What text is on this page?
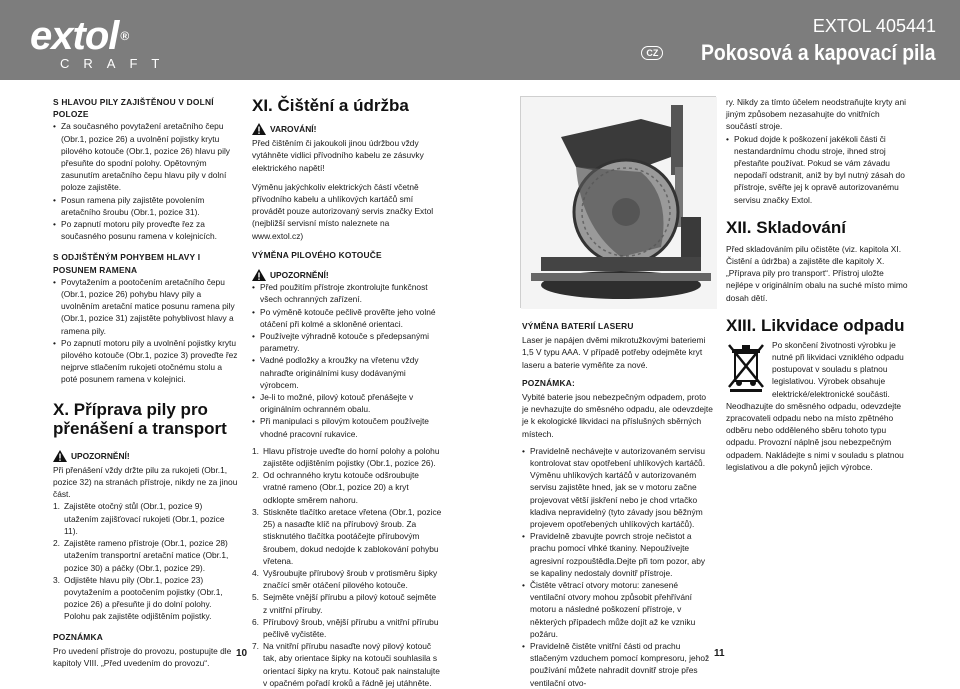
extol ®
CRAFT
EXTOL 405441
CZ Pokosová a kapovací pila
S HLAVOU PILY ZAJIŠTĚNOU V DOLNÍ POLOZE
• Za současného povytažení aretačního čepu (Obr.1, pozice 26) a uvolnění pojistky krytu pilového kotouče (Obr.1, pozice 26) hlavu pily přesuňte do spodní polohy. Opětovným zasunutím aretačního čepu hlavu pily v dolní poloze zajistěte.
• Posun ramena pily zajistěte povolením aretačního šroubu (Obr.1, pozice 31).
• Po zapnutí motoru pily proveďte řez za současného posunu ramena v kolejnicích.
S ODJIŠTĚNÝM POHYBEM HLAVY I POSUNEM RAMENA
• Povytažením a pootočením aretačního čepu (Obr.1, pozice 26) pohybu hlavy pily a uvolněním aretační matice posunu ramena pily (Obr.1, pozice 31) zajistěte pohyblivost hlavy a ramena pily.
• Po zapnutí motoru pily a uvolnění pojistky krytu pilového kotouče (Obr.1, pozice 3) proveďte řez nejprve stlačením rukojeti otočnému stolu a poté posunem ramena v kolejnici.
X. Příprava pily pro přenášení a transport
UPOZORNĚNÍ!

Při přenášení vždy držte pilu za rukojeti (Obr.1, pozice 32) na stranách přístroje, nikdy ne za jinou část.

1. Zajistěte otočný stůl (Obr.1, pozice 9) utažením zajišťovací rukojeti (Obr.1, pozice 11).
2. Zajistěte rameno přístroje (Obr.1, pozice 28) utažením transportní aretační matice (Obr.1, pozice 30) a páčky (Obr.1, pozice 29).
3. Odjistěte hlavu pily (Obr.1, pozice 23) povytažením a pootočením pojistky (Obr.1, pozice 26) a přesuňte ji do dolní polohy. Polohu pak zajistěte odjištěním pojistky.
POZNÁMKA

Pro uvedení přístroje do provozu, postupujte dle kapitoly VIII. „Před uvedením do provozu“.

10
XI. Čištění a údržba
VAROVÁNÍ!

Před čištěním či jakoukoli jinou údržbou vždy vytáhněte vidlici přívodního kabelu ze zásuvky elektrického napětí!

Výměnu jakýchkoliv elektrických částí včetně přívodního kabelu a uhlíkových kartáčů smí provádět pouze autorizovaný servis značky Extol (nejbližší servisní místo naleznete na www.extol.cz)

VÝMĚNA PILOVÉHO KOTOUČE
UPOZORNĚNÍ!
• Před použitím přístroje zkontrolujte funkčnost všech ochranných zařízení.
• Po výměně kotouče pečlivě prověřte jeho volné otáčení při kolmé a skloněné orientaci.
• Používejte výhradně kotouče s předepsanými parametry.
• Vadné podložky a kroužky na vřetenu vždy nahraďte originálními kusy dodávanými výrobcem.
• Je-li to možné, pilový kotouč přenášejte v originálním ochranném obalu.
• Při manipulaci s pilovým kotoučem používejte vhodné pracovní rukavice.
1. Hlavu přístroje uveďte do horní polohy a polohu zajistěte odjištěním pojistky (Obr.1, pozice 26).
2. Od ochranného krytu kotouče odšroubujte vratné rameno (Obr.1, pozice 20) a kryt odklopte směrem nahoru.
3. Stiskněte tlačítko aretace vřetena (Obr.1, pozice 25) a nasaďte klíč na přírubový šroub. Za stisknutého tlačítka pootáčejte přírubovým šroubem, dokud nedojde k zablokování pohybu vřetena.
4. Vyšroubujte přírubový šroub v protisměru šipky značící směr otáčení pilového kotouče.
5. Sejměte vnější přírubu a pilový kotouč sejměte z vnitřní příruby.
6. Přírubový šroub, vnější přírubu a vnitřní přírubu pečlivě vyčistěte.
7. Na vnitřní přírubu nasaďte nový pilový kotouč tak, aby orientace šipky na kotouči souhlasila s orientací šipky na krytu. Kotouč pak nainstalujte v opačném pořadí kroků a řádně jej utáhněte.
VÝMĚNA BATERIÍ LASERU

Laser je napájen dvěmi mikrotužkovými bateriemi 1,5 V typu AAA. V případě potřeby odejměte kryt laseru a baterie vyměňte za nové.

POZNÁMKA:

Vybité baterie jsou nebezpečným odpadem, proto je nevhazujte do směsného odpadu, ale odevzdejte je k ekologické likvidaci na příslušných sběrných místech.

• Pravidelně nechávejte v autorizovaném servisu kontrolovat stav opotřebení uhlíkových kartáčů. Výměnu uhlíkových kartáčů v autorizovaném servisu zajistěte hned, jak se v motoru začne projevovat větší jiskření nebo je chod vrtačko kladiva nepravidelný (tyto závady jsou běžným projevem opotřebených uhlíkových kartáčů).
• Pravidelně zbavujte povrch stroje nečistot a prachu pomocí vlhké tkaniny. Nepoužívejte agresivní rozpouštědla.Dejte při tom pozor, aby se kapaliny nedostaly dovnitř přístroje.
• Čistěte větrací otvory motoru: zanesené ventilační otvory mohou způsobit přehřívání motoru a následné poškození přístroje, v některých případech může dojít až ke vzniku požáru.
• Pravidelně čistěte vnitřní části od prachu stlačeným vzduchem pomocí kompresoru, jehož používání můžete nahradit dovnitř stroje přes ventilační otvo-
11
ry. Nikdy za tímto účelem neodstraňujte kryty ani jiným způsobem nezasahujte do vnitřních součástí stroje.
• Pokud dojde k poškození jakékoli části či nestandardnímu chodu stroje, ihned stroj přestaňte používat. Pokud se vám závadu nepodaří odstranit, aniž by byl nutný zásah do přístroje, svěřte jej k opravě autorizovanému servisu značky Extol.
XII. Skladování

Před skladováním pilu očistěte (viz. kapitola XI. Čistění a údržba) a zajistěte dle kapitoly X. „Příprava pily pro transport“. Přístroj uložte nejlépe v originálním obalu na suché místo mimo dosah dětí.

XIII. Likvidace odpadu

Po skončení životnosti výrobku je nutné při likvidaci vzniklého odpadu postupovat v souladu s platnou legislativou. Výrobek obsahuje elektrické/elektronické součásti. Neodhazujte do směsného odpadu, odevzdejte zpracovateli odpadu nebo na místo zpětného odběru nebo odděleného sběru tohoto typu odpadu. Provozní náplně jsou nebezpečným odpadem. Nakládejte s nimi v souladu s platnou legislativou a dle pokynů jejich výrobce.
